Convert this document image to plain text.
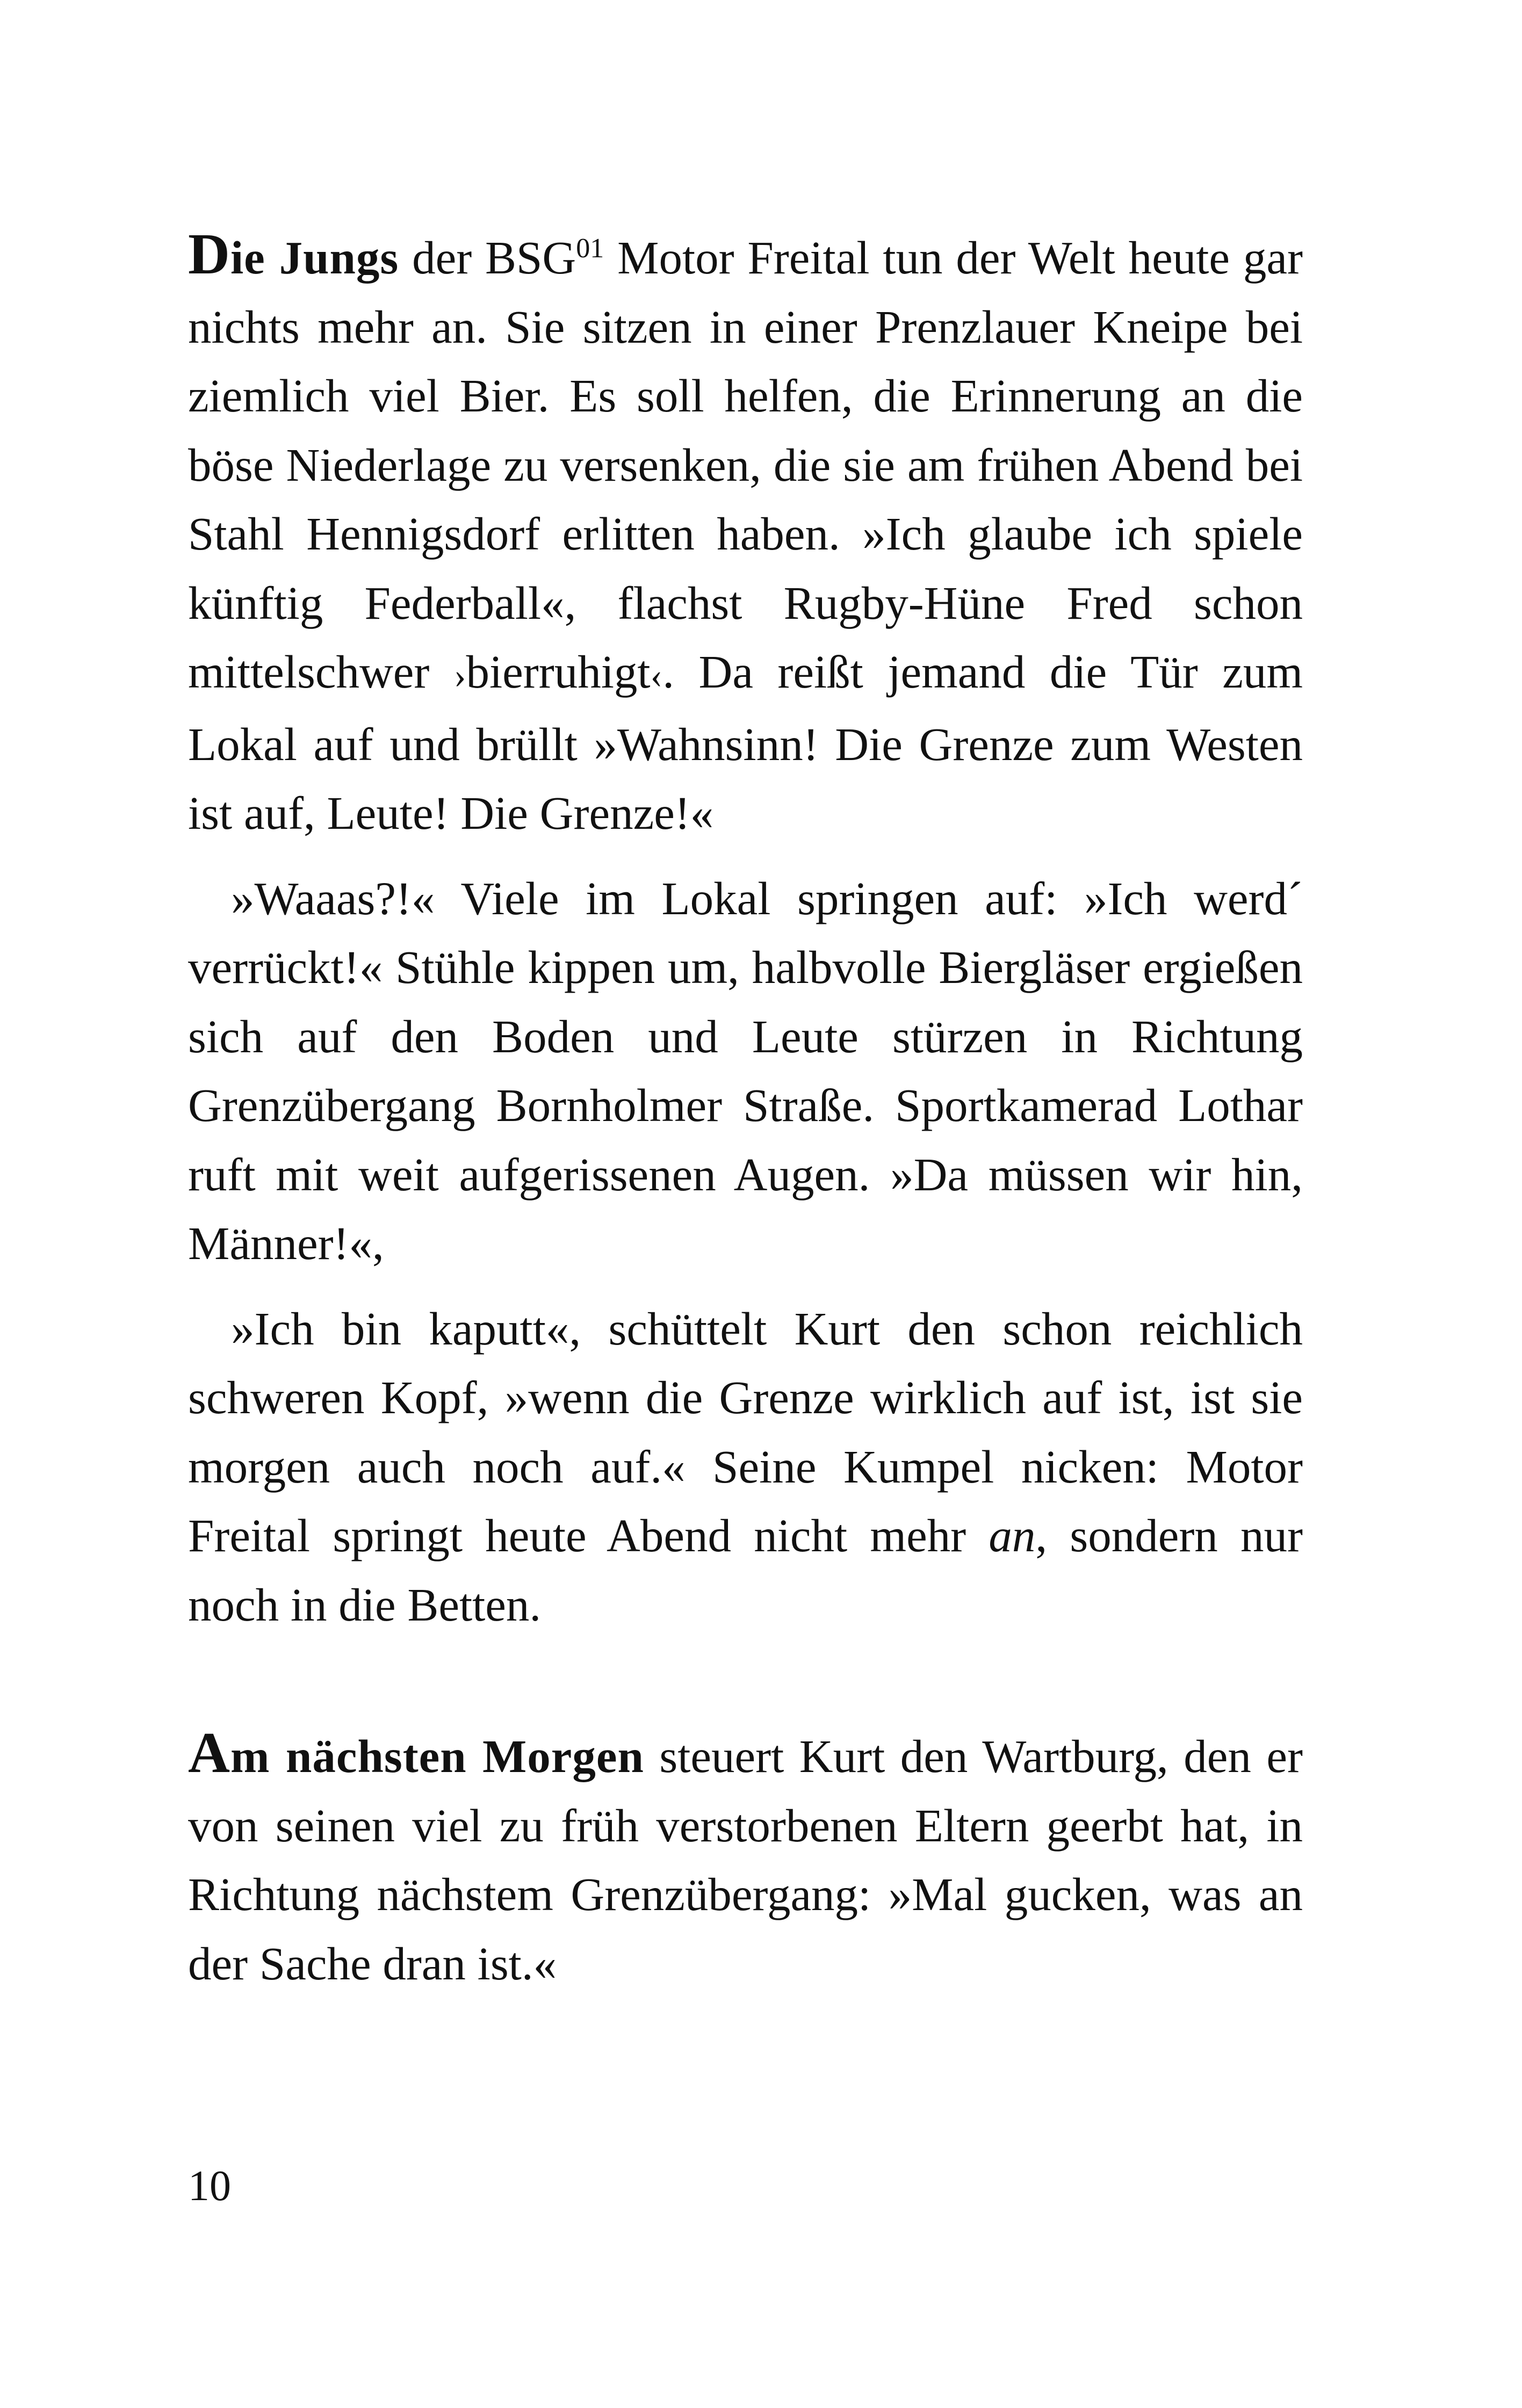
Die Jungs der BSG$^{01}$ Motor Freital tun der Welt heute gar nichts mehr an. Sie sitzen in einer Prenzlauer Kneipe bei ziemlich viel Bier. Es soll helfen, die Erinnerung an die böse Niederlage zu versenken, die sie am frühen Abend bei Stahl Hennigsdorf erlitten haben. »Ich glaube ich spiele künftig Federball«, flachst Rugby-Hüne Fred schon mittelschwer ›bierruhigt‹. Da reißt jemand die Tür zum Lokal auf und brüllt »Wahnsinn! Die Grenze zum Westen ist auf, Leute! Die Grenze!«

»Waaas?!« Viele im Lokal springen auf: »Ich werd´ verrückt!« Stühle kippen um, halbvolle Biergläser ergießen sich auf den Boden und Leute stürzen in Richtung Grenzübergang Bornholmer Straße. Sportkamerad Lothar ruft mit weit aufgerissenen Augen. »Da müssen wir hin, Männer!«,

»Ich bin kaputt«, schüttelt Kurt den schon reichlich schweren Kopf, »wenn die Grenze wirklich auf ist, ist sie morgen auch noch auf.« Seine Kumpel nicken: Motor Freital springt heute Abend nicht mehr an, sondern nur noch in die Betten.

Am nächsten Morgen steuert Kurt den Wartburg, den er von seinen viel zu früh verstorbenen Eltern geerbt hat, in Richtung nächstem Grenzübergang: »Mal gucken, was an der Sache dran ist.«

10
